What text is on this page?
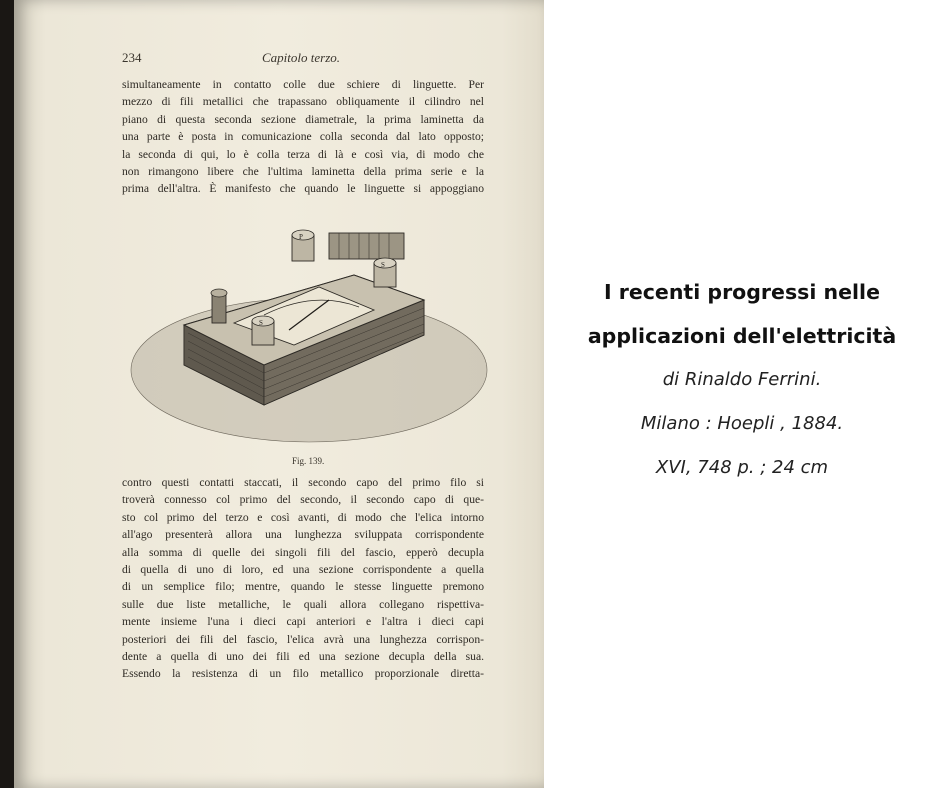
234	Capitolo terzo.
simultaneamente in contatto colle due schiere di linguette. Per
mezzo di fili metallici che trapassano obliquamente il cilindro nel
piano di questa seconda sezione diametrale, la prima laminetta da
una parte è posta in comunicazione colla seconda dal lato opposto;
la seconda di qui, lo è colla terza di là e così via, di modo che
non rimangono libere che l'ultima laminetta della prima serie e la
prima dell'altra. È manifesto che quando le linguette si appoggiano
P
S
S
Fig. 139.
contro questi contatti staccati, il secondo capo del primo filo si
troverà connesso col primo del secondo, il secondo capo di que-
sto col primo del terzo e così avanti, di modo che l'elica intorno
all'ago presenterà allora una lunghezza sviluppata corrispondente
alla somma di quelle dei singoli fili del fascio, epperò decupla
di quella di uno di loro, ed una sezione corrispondente a quella
di un semplice filo; mentre, quando le stesse linguette premono
sulle due liste metalliche, le quali allora collegano rispettiva-
mente insieme l'una i dieci capi anteriori e l'altra i dieci capi
posteriori dei fili del fascio, l'elica avrà una lunghezza corrispon-
dente a quella di uno dei fili ed una sezione decupla della sua.
Essendo la resistenza di un filo metallico proporzionale diretta-
I recenti progressi nelle
applicazioni dell'elettricità
di Rinaldo Ferrini.
Milano : Hoepli , 1884.
XVI, 748 p. ; 24 cm
